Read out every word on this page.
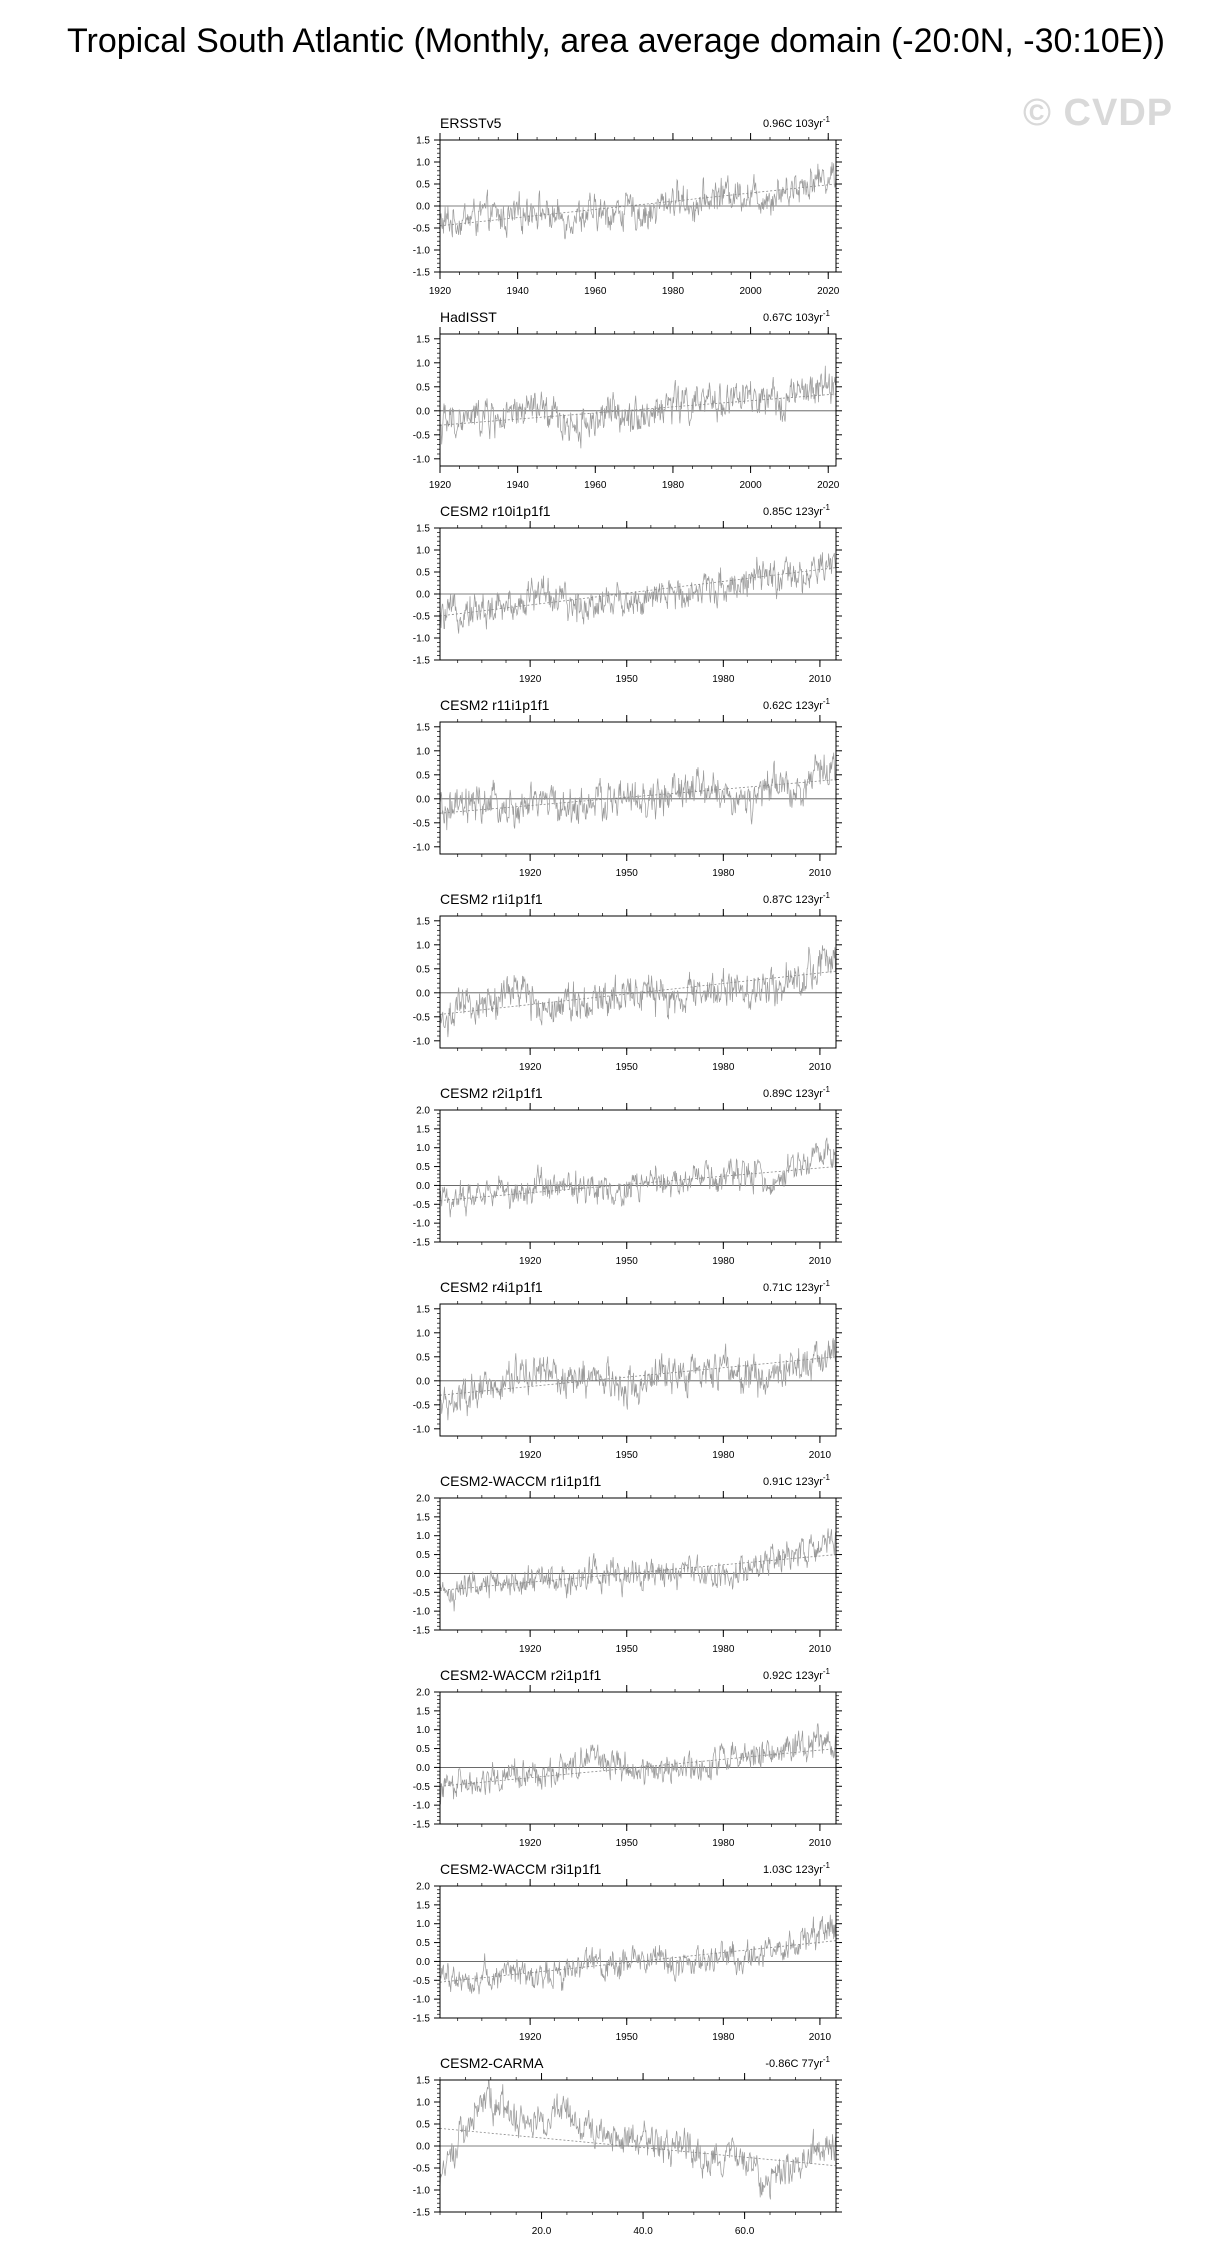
Tropical South Atlantic (Monthly, area average domain (-20:0N, -30:10E))
© CVDP
ERSSTv5	0.96C $103yr^{-1}$
-1.5
-1.0
-0.5
0.0
0.5
1.0
1.5
1920	1940	1960	1980	2000	2020
HadISST	0.67C $103yr^{-1}$
-1.0
-0.5
0.0
0.5
1.0
1.5
1920	1940	1960	1980	2000	2020
CESM2 r10i1p1f1	0.85C $123yr^{-1}$
-1.5
-1.0
-0.5
0.0
0.5
1.0
1.5
1920	1950	1980	2010
CESM2 r11i1p1f1	0.62C $123yr^{-1}$
-1.0
-0.5
0.0
0.5
1.0
1.5
1920	1950	1980	2010
CESM2 r1i1p1f1	0.87C $123yr^{-1}$
-1.0
-0.5
0.0
0.5
1.0
1.5
1920	1950	1980	2010
CESM2 r2i1p1f1	0.89C $123yr^{-1}$
-1.5
-1.0
-0.5
0.0
0.5
1.0
1.5
2.0
1920	1950	1980	2010
CESM2 r4i1p1f1	0.71C $123yr^{-1}$
-1.0
-0.5
0.0
0.5
1.0
1.5
1920	1950	1980	2010
CESM2-WACCM r1i1p1f1	0.91C $123yr^{-1}$
-1.5
-1.0
-0.5
0.0
0.5
1.0
1.5
2.0
1920	1950	1980	2010
CESM2-WACCM r2i1p1f1	0.92C $123yr^{-1}$
-1.5
-1.0
-0.5
0.0
0.5
1.0
1.5
2.0
1920	1950	1980	2010
CESM2-WACCM r3i1p1f1	1.03C $123yr^{-1}$
-1.5
-1.0
-0.5
0.0
0.5
1.0
1.5
2.0
1920	1950	1980	2010
CESM2-CARMA	-0.86C $77yr^{-1}$
-1.5
-1.0
-0.5
0.0
0.5
1.0
1.5
20.0	40.0	60.0
